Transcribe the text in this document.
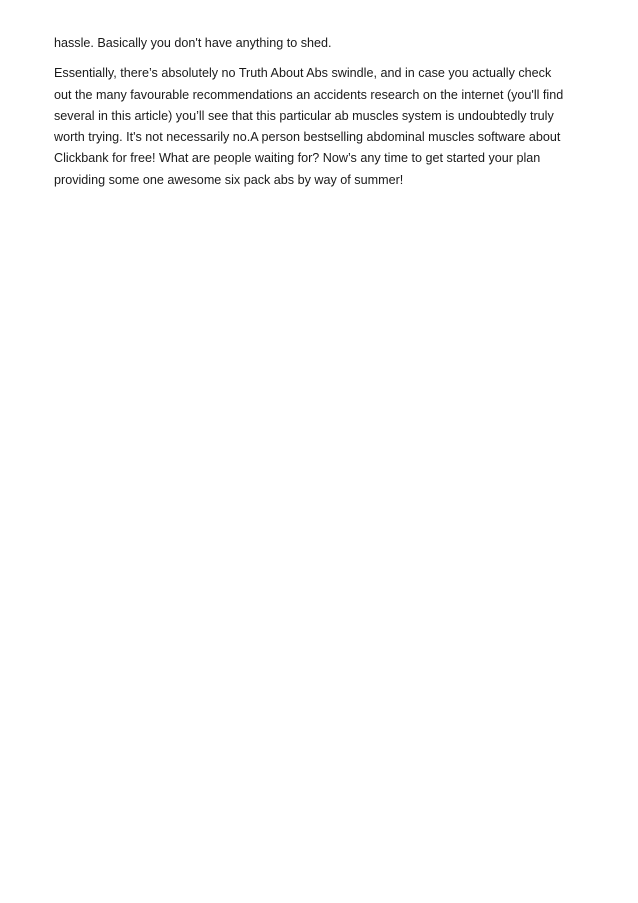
hassle. Basically you don't have anything to shed.

Essentially, there’s absolutely no Truth About Abs swindle, and in case you actually check
out the many favourable recommendations an accidents research on the internet (you'll find
several in this article) you’ll see that this particular ab muscles system is undoubtedly truly
worth trying. It's not necessarily no.A person bestselling abdominal muscles software about
Clickbank for free! What are people waiting for? Now’s any time to get started your plan
providing some one awesome six pack abs by way of summer!
